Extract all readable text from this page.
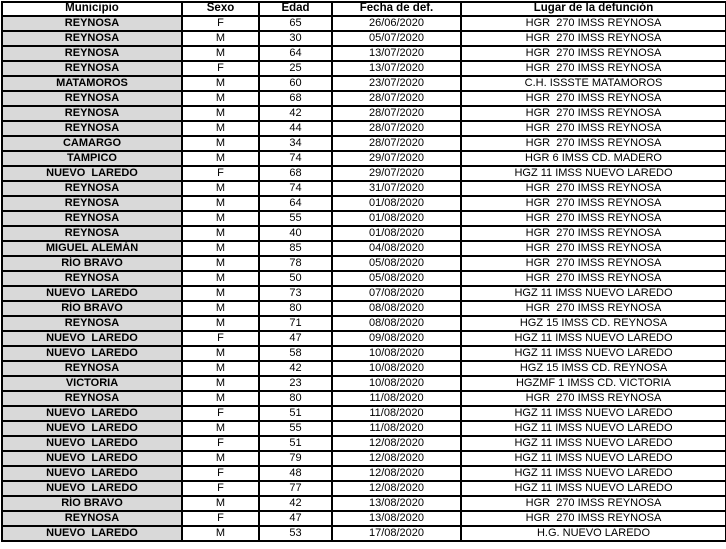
Municipio	Sexo	Edad	Fecha de def.	Lugar de la defunción
REYNOSA	F	65	26/06/2020	HGR  270 IMSS REYNOSA
REYNOSA	M	30	05/07/2020	HGR  270 IMSS REYNOSA
REYNOSA	M	64	13/07/2020	HGR  270 IMSS REYNOSA
REYNOSA	F	25	13/07/2020	HGR  270 IMSS REYNOSA
MATAMOROS	M	60	23/07/2020	C.H. ISSSTE MATAMOROS
REYNOSA	M	68	28/07/2020	HGR  270 IMSS REYNOSA
REYNOSA	M	42	28/07/2020	HGR  270 IMSS REYNOSA
REYNOSA	M	44	28/07/2020	HGR  270 IMSS REYNOSA
CAMARGO	M	34	28/07/2020	HGR  270 IMSS REYNOSA
TAMPICO	M	74	29/07/2020	HGR 6 IMSS CD. MADERO
NUEVO  LAREDO	F	68	29/07/2020	HGZ 11 IMSS NUEVO LAREDO
REYNOSA	M	74	31/07/2020	HGR  270 IMSS REYNOSA
REYNOSA	M	64	01/08/2020	HGR  270 IMSS REYNOSA
REYNOSA	M	55	01/08/2020	HGR  270 IMSS REYNOSA
REYNOSA	M	40	01/08/2020	HGR  270 IMSS REYNOSA
MIGUEL ALEMÁN	M	85	04/08/2020	HGR  270 IMSS REYNOSA
RÍO BRAVO	M	78	05/08/2020	HGR  270 IMSS REYNOSA
REYNOSA	M	50	05/08/2020	HGR  270 IMSS REYNOSA
NUEVO  LAREDO	M	73	07/08/2020	HGZ 11 IMSS NUEVO LAREDO
RÍO BRAVO	M	80	08/08/2020	HGR  270 IMSS REYNOSA
REYNOSA	M	71	08/08/2020	HGZ 15 IMSS CD. REYNOSA
NUEVO  LAREDO	F	47	09/08/2020	HGZ 11 IMSS NUEVO LAREDO
NUEVO  LAREDO	M	58	10/08/2020	HGZ 11 IMSS NUEVO LAREDO
REYNOSA	M	42	10/08/2020	HGZ 15 IMSS CD. REYNOSA
VICTORIA	M	23	10/08/2020	HGZMF 1 IMSS CD. VICTORIA
REYNOSA	M	80	11/08/2020	HGR  270 IMSS REYNOSA
NUEVO  LAREDO	F	51	11/08/2020	HGZ 11 IMSS NUEVO LAREDO
NUEVO  LAREDO	M	55	11/08/2020	HGZ 11 IMSS NUEVO LAREDO
NUEVO  LAREDO	F	51	12/08/2020	HGZ 11 IMSS NUEVO LAREDO
NUEVO  LAREDO	M	79	12/08/2020	HGZ 11 IMSS NUEVO LAREDO
NUEVO  LAREDO	F	48	12/08/2020	HGZ 11 IMSS NUEVO LAREDO
NUEVO  LAREDO	F	77	12/08/2020	HGZ 11 IMSS NUEVO LAREDO
RÍO BRAVO	M	42	13/08/2020	HGR  270 IMSS REYNOSA
REYNOSA	F	47	13/08/2020	HGR  270 IMSS REYNOSA
NUEVO  LAREDO	M	53	17/08/2020	H.G. NUEVO LAREDO
